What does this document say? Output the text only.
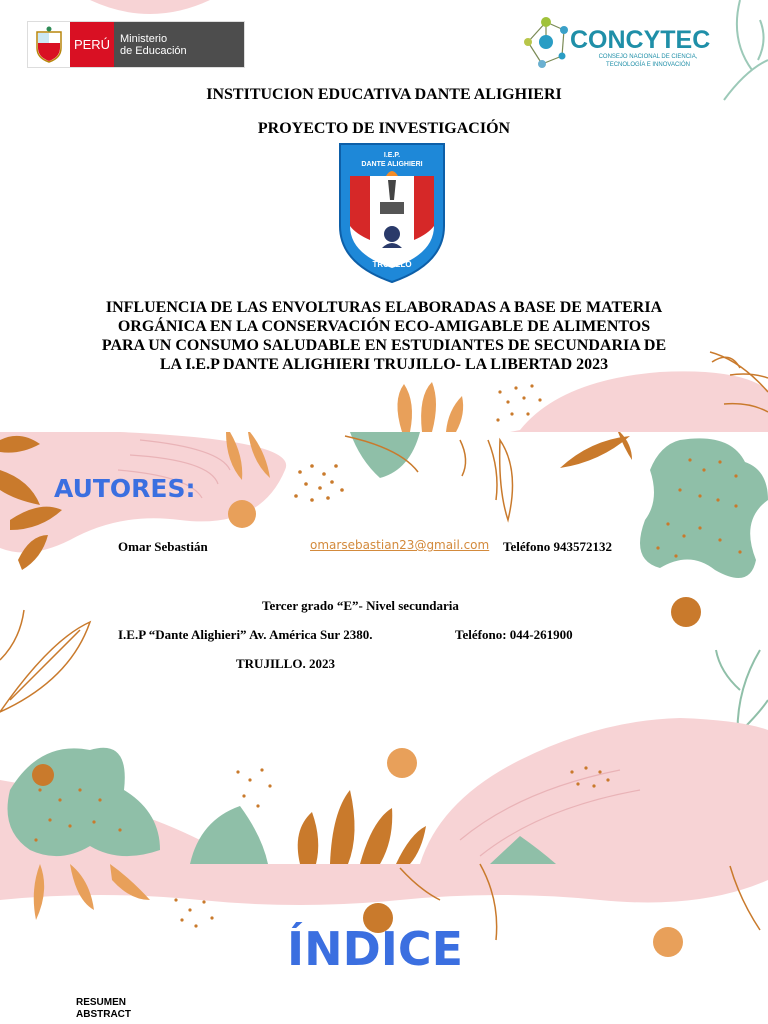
PERÚ Ministerio
de Educación	CONCYTEC
CONSEJO NACIONAL DE CIENCIA,
TECNOLOGÍA E INNOVACIÓN
INSTITUCION EDUCATIVA DANTE ALIGHIERI
PROYECTO DE INVESTIGACIÓN
I.E.P.
DANTE ALIGHIERI
TRUJILLO
INFLUENCIA DE LAS ENVOLTURAS ELABORADAS A BASE DE MATERIA
ORGÁNICA EN LA CONSERVACIÓN ECO-AMIGABLE DE ALIMENTOS
PARA UN CONSUMO SALUDABLE EN ESTUDIANTES DE SECUNDARIA DE
LA I.E.P DANTE ALIGHIERI TRUJILLO- LA LIBERTAD 2023
AUTORES:
Omar Sebastián	omarsebastian23@gmail.com Teléfono 943572132
Tercer grado “E”- Nivel secundaria
I.E.P “Dante Alighieri” Av. América Sur 2380.	Teléfono: 044-261900
TRUJILLO. 2023
ÍNDICE
RESUMEN
ABSTRACT
